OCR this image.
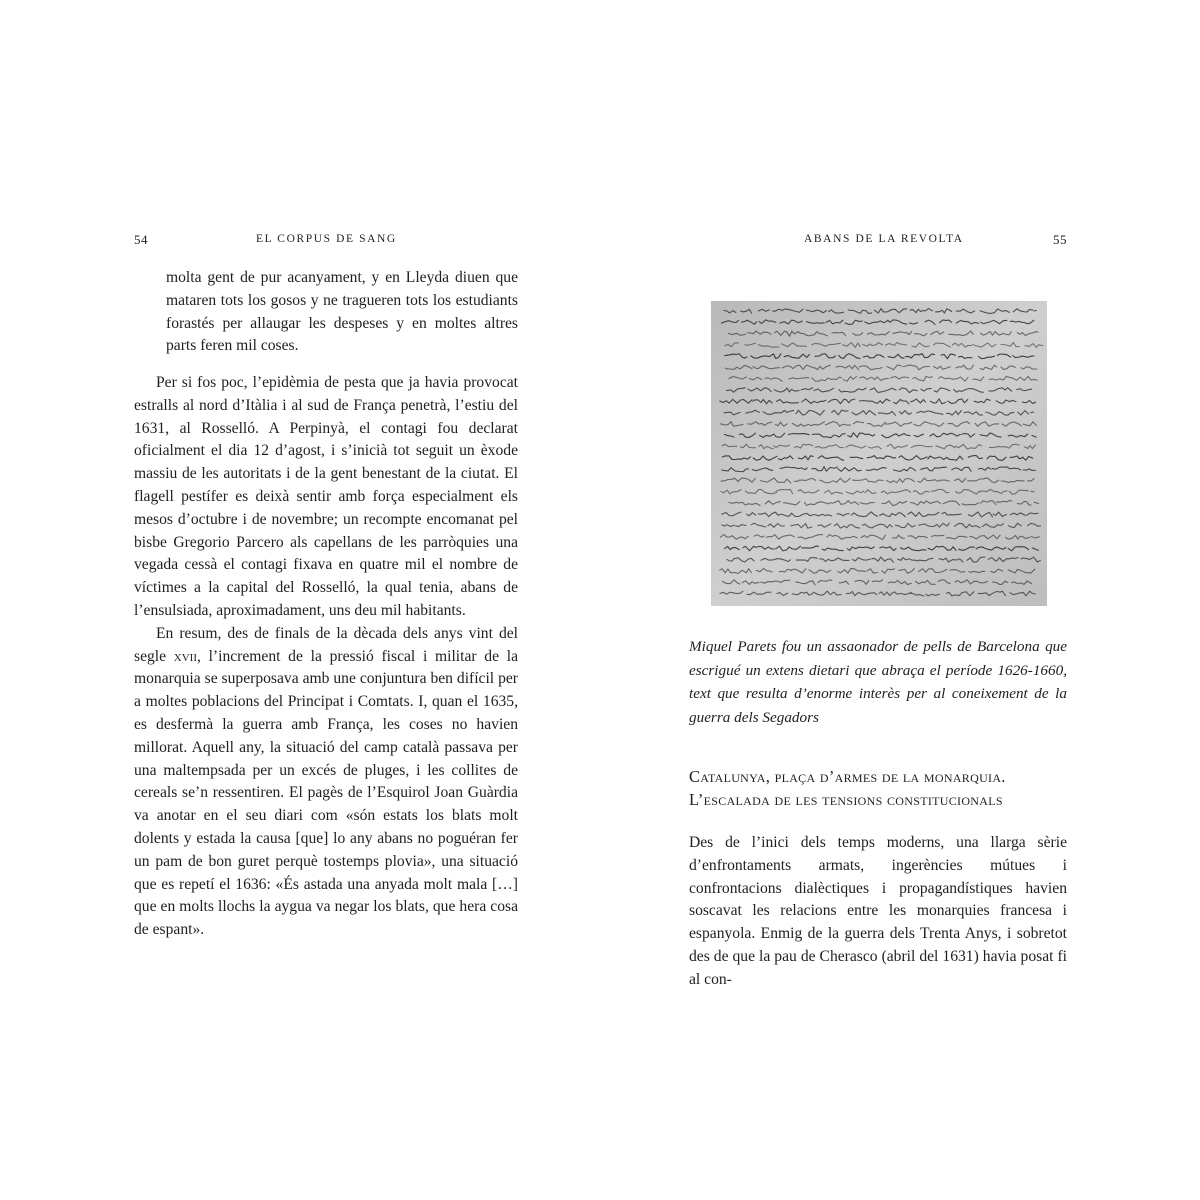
54	EL CORPUS DE SANG
molta gent de pur acanyament, y en Lleyda diuen que mataren tots los gosos y ne tragueren tots los estudiants forastés per allaugar les despeses y en moltes altres parts feren mil coses.

Per si fos poc, l’epidèmia de pesta que ja havia provocat estralls al nord d’Itàlia i al sud de França penetrà, l’estiu del 1631, al Rosselló. A Perpinyà, el contagi fou declarat oficialment el dia 12 d’agost, i s’inicià tot seguit un èxode massiu de les autoritats i de la gent benestant de la ciutat. El flagell pestífer es deixà sentir amb força especialment els mesos d’octubre i de novembre; un recompte encomanat pel bisbe Gregorio Parcero als capellans de les parròquies una vegada cessà el contagi fixava en quatre mil el nombre de víctimes a la capital del Rosselló, la qual tenia, abans de l’ensulsiada, aproximadament, uns deu mil habitants.

En resum, des de finals de la dècada dels anys vint del segle xvii, l’increment de la pressió fiscal i militar de la monarquia se superposava amb une conjuntura ben difícil per a moltes poblacions del Principat i Comtats. I, quan el 1635, es desfermà la guerra amb França, les coses no havien millorat. Aquell any, la situació del camp català passava per una maltempsada per un excés de pluges, i les collites de cereals se’n ressentiren. El pagès de l’Esquirol Joan Guàrdia va anotar en el seu diari com «són estats los blats molt dolents y estada la causa [que] lo any abans no poguéran fer un pam de bon guret perquè tostemps plovia», una situació que es repetí el 1636: «És astada una anyada molt mala […] que en molts llochs la aygua va negar los blats, que hera cosa de espant».

ABANS DE LA REVOLTA	55
Miquel Parets fou un assaonador de pells de Barcelona que escrigué un extens dietari que abraça el període 1626-1660, text que resulta d’enorme interès per al coneixement de la guerra dels Segadors
Catalunya, plaça d’armes de la monarquia.
L’escalada de les tensions constitucionals
Des de l’inici dels temps moderns, una llarga sèrie d’enfrontaments armats, ingerències mútues i confrontacions dialèctiques i propagandístiques havien soscavat les relacions entre les monarquies francesa i espanyola. Enmig de la guerra dels Trenta Anys, i sobretot des de que la pau de Cherasco (abril del 1631) havia posat fi al con-
